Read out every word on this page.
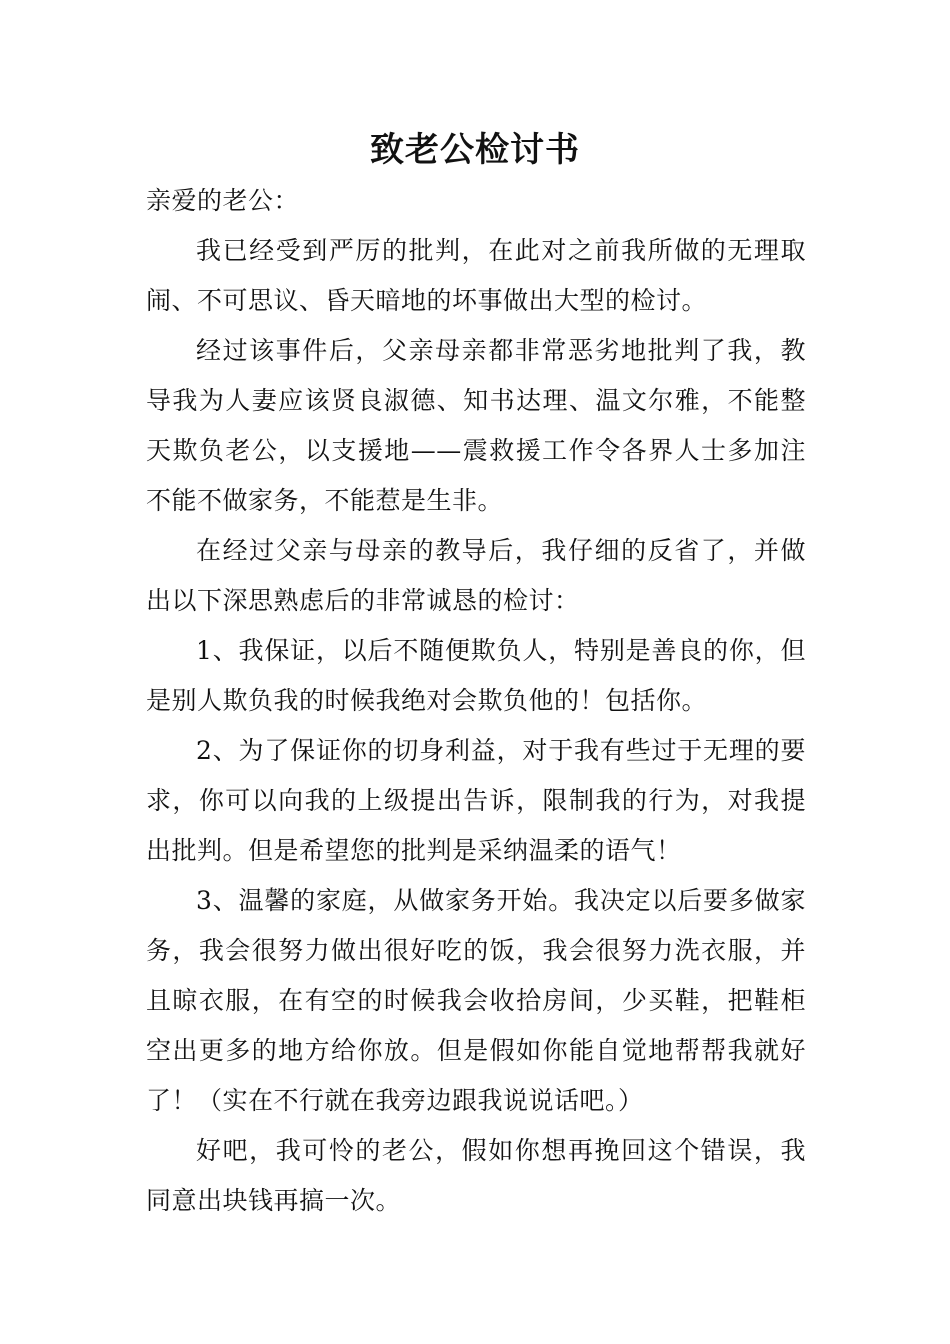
致老公检讨书

亲爱的老公：

我已经受到严厉的批判，在此对之前我所做的无理取闹、不可思议、昏天暗地的坏事做出大型的检讨。

经过该事件后，父亲母亲都非常恶劣地批判了我，教导我为人妻应该贤良淑德、知书达理、温文尔雅，不能整天欺负老公，以支援地——震救援工作令各界人士多加注不能不做家务，不能惹是生非。

在经过父亲与母亲的教导后，我仔细的反省了，并做出以下深思熟虑后的非常诚恳的检讨：

1、我保证，以后不随便欺负人，特别是善良的你，但是别人欺负我的时候我绝对会欺负他的！包括你。

2、为了保证你的切身利益，对于我有些过于无理的要求，你可以向我的上级提出告诉，限制我的行为，对我提出批判。但是希望您的批判是采纳温柔的语气！

3、温馨的家庭，从做家务开始。我决定以后要多做家务，我会很努力做出很好吃的饭，我会很努力洗衣服，并且晾衣服，在有空的时候我会收拾房间，少买鞋，把鞋柜空出更多的地方给你放。但是假如你能自觉地帮帮我就好了！（实在不行就在我旁边跟我说说话吧。）

好吧，我可怜的老公，假如你想再挽回这个错误，我同意出块钱再搞一次。
